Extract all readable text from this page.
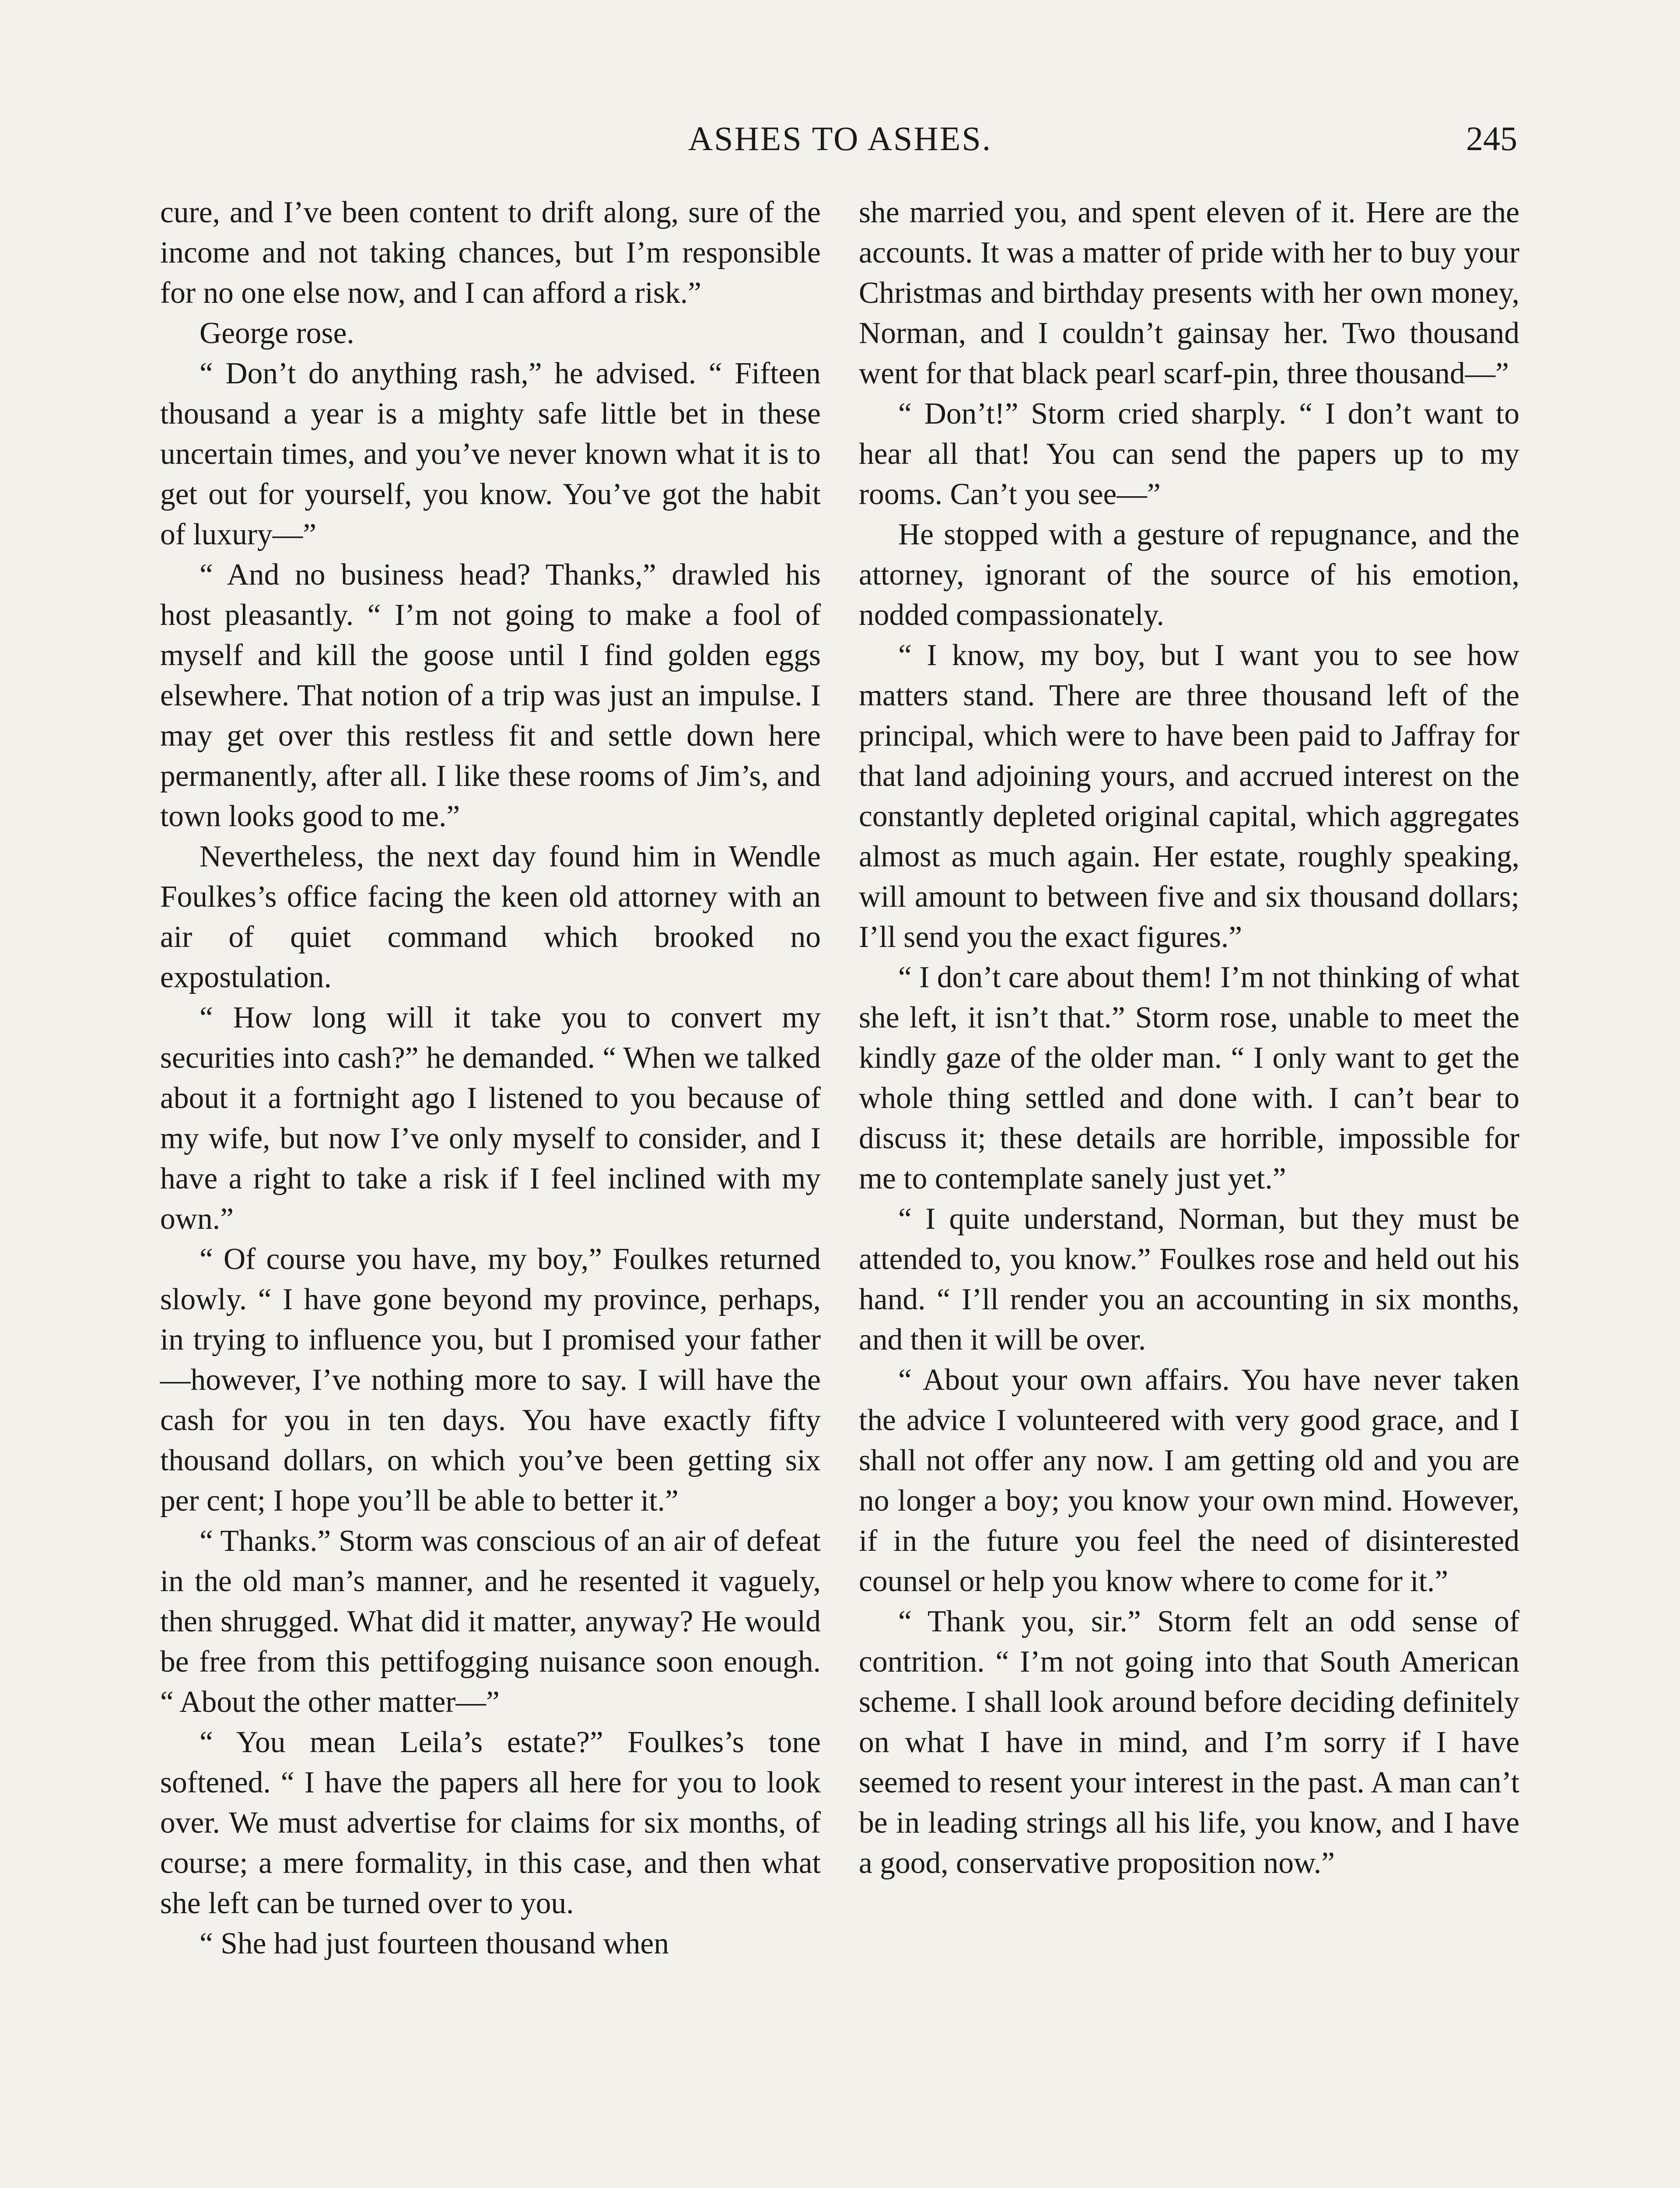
ASHES TO ASHES.	245

cure, and I’ve been content to drift along, sure of the income and not taking chances, but I’m responsible for no one else now, and I can afford a risk.”

George rose.

“ Don’t do anything rash,” he advised. “ Fifteen thousand a year is a mighty safe little bet in these uncertain times, and you’ve never known what it is to get out for yourself, you know. You’ve got the habit of luxury—”

“ And no business head? Thanks,” drawled his host pleasantly. “ I’m not going to make a fool of myself and kill the goose until I find golden eggs elsewhere. That notion of a trip was just an impulse. I may get over this restless fit and settle down here permanently, after all. I like these rooms of Jim’s, and town looks good to me.”

Nevertheless, the next day found him in Wendle Foulkes’s office facing the keen old attorney with an air of quiet command which brooked no expostulation.

“ How long will it take you to convert my securities into cash?” he demanded. “ When we talked about it a fortnight ago I listened to you because of my wife, but now I’ve only myself to consider, and I have a right to take a risk if I feel inclined with my own.”

“ Of course you have, my boy,” Foulkes returned slowly. “ I have gone beyond my province, perhaps, in trying to influence you, but I promised your father—however, I’ve nothing more to say. I will have the cash for you in ten days. You have exactly fifty thousand dollars, on which you’ve been getting six per cent; I hope you’ll be able to better it.”

“ Thanks.” Storm was conscious of an air of defeat in the old man’s manner, and he resented it vaguely, then shrugged. What did it matter, anyway? He would be free from this pettifogging nuisance soon enough. “ About the other matter—”

“ You mean Leila’s estate?” Foulkes’s tone softened. “ I have the papers all here for you to look over. We must advertise for claims for six months, of course; a mere formality, in this case, and then what she left can be turned over to you.

“ She had just fourteen thousand when

she married you, and spent eleven of it. Here are the accounts. It was a matter of pride with her to buy your Christmas and birthday presents with her own money, Norman, and I couldn’t gainsay her. Two thousand went for that black pearl scarf-pin, three thousand—”

“ Don’t!” Storm cried sharply. “ I don’t want to hear all that! You can send the papers up to my rooms. Can’t you see—”

He stopped with a gesture of repugnance, and the attorney, ignorant of the source of his emotion, nodded compassionately.

“ I know, my boy, but I want you to see how matters stand. There are three thousand left of the principal, which were to have been paid to Jaffray for that land adjoining yours, and accrued interest on the constantly depleted original capital, which aggregates almost as much again. Her estate, roughly speaking, will amount to between five and six thousand dollars; I’ll send you the exact figures.”

“ I don’t care about them! I’m not thinking of what she left, it isn’t that.” Storm rose, unable to meet the kindly gaze of the older man. “ I only want to get the whole thing settled and done with. I can’t bear to discuss it; these details are horrible, impossible for me to contemplate sanely just yet.”

“ I quite understand, Norman, but they must be attended to, you know.” Foulkes rose and held out his hand. “ I’ll render you an accounting in six months, and then it will be over.

“ About your own affairs. You have never taken the advice I volunteered with very good grace, and I shall not offer any now. I am getting old and you are no longer a boy; you know your own mind. However, if in the future you feel the need of disinterested counsel or help you know where to come for it.”

“ Thank you, sir.” Storm felt an odd sense of contrition. “ I’m not going into that South American scheme. I shall look around before deciding definitely on what I have in mind, and I’m sorry if I have seemed to resent your interest in the past. A man can’t be in leading strings all his life, you know, and I have a good, conservative proposition now.”
